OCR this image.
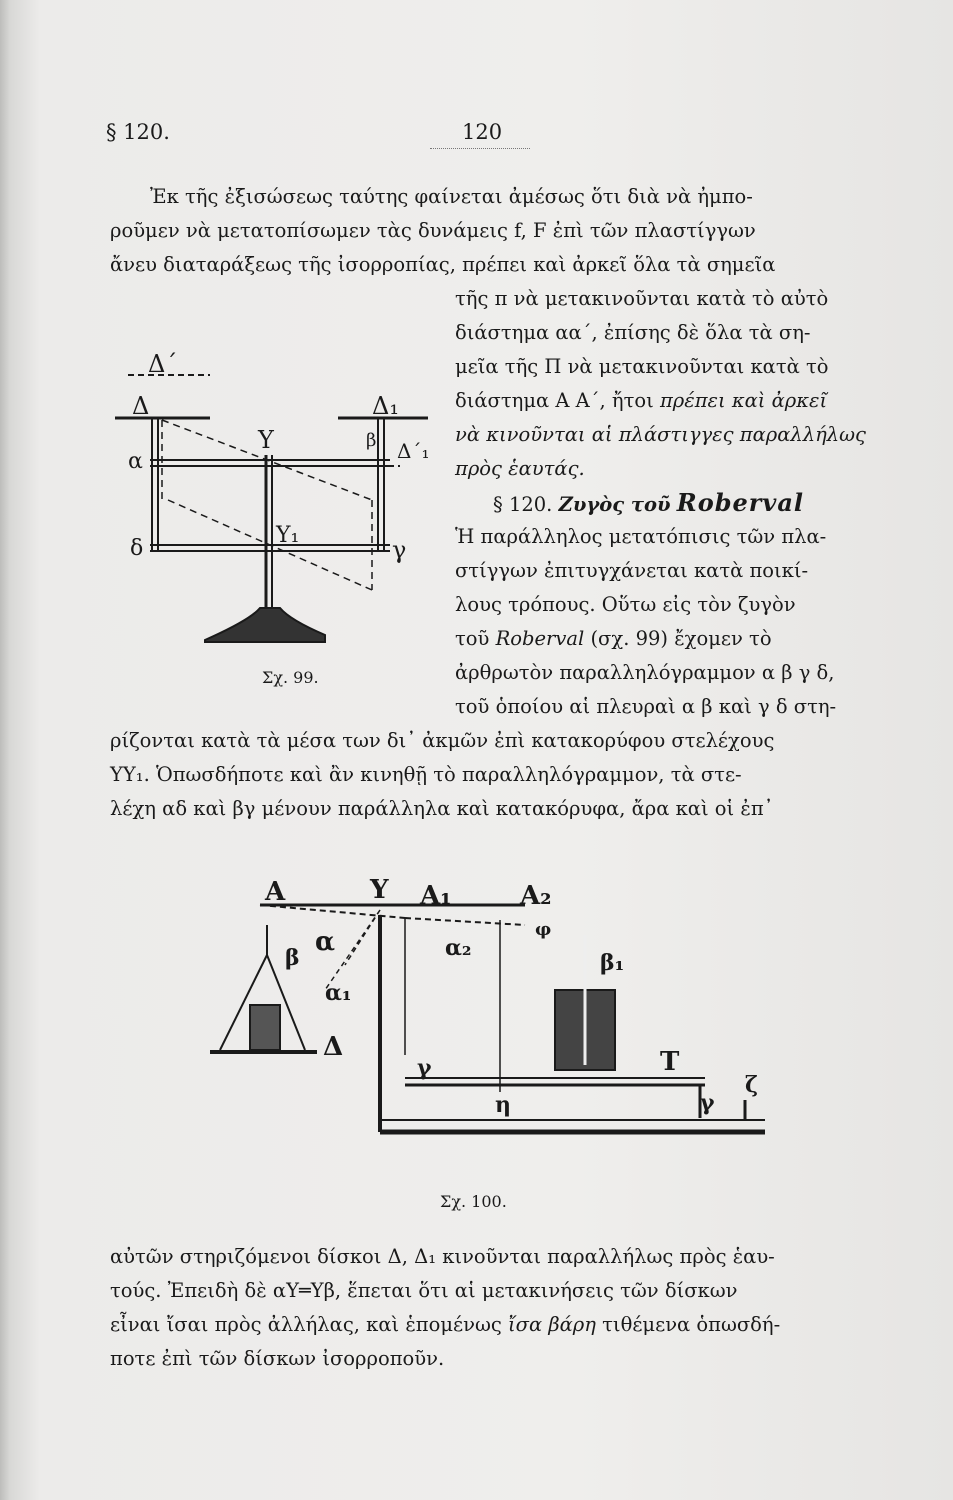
§ 120.	120
Ἐκ τῆς ἐξισώσεως ταύτης φαίνεται ἀμέσως ὅτι διὰ νὰ ἠμπο-
ροῦμεν νὰ μετατοπίσωμεν τὰς δυνάμεις f, F ἐπὶ τῶν πλαστίγγων
ἄνευ διαταράξεως τῆς ἰσορροπίας, πρέπει καὶ ἀρκεῖ ὅλα τὰ σημεῖα
τῆς π νὰ μετακινοῦνται κατὰ τὸ αὐτὸ
διάστημα αα΄, ἐπίσης δὲ ὅλα τὰ ση-
μεῖα τῆς Π νὰ μετακινοῦνται κατὰ τὸ
διάστημα Α Α΄, ἤτοι πρέπει καὶ ἀρκεῖ
νὰ κινοῦνται αἱ πλάστιγγες παραλλήλως
πρὸς ἑαυτάς.
§ 120. Ζυγὸς τοῦ Roberval
Ἡ παράλληλος μετατόπισις τῶν πλα-
στίγγων ἐπιτυγχάνεται κατὰ ποικί-
λους τρόπους. Οὕτω εἰς τὸν ζυγὸν
τοῦ Roberval (σχ. 99) ἔχομεν τὸ
ἀρθρωτὸν παραλληλόγραμμον α β γ δ,
τοῦ ὁποίου αἱ πλευραὶ α β καὶ γ δ στη-
ρίζονται κατὰ τὰ μέσα των δι᾿ ἀκμῶν ἐπὶ κατακορύφου στελέχους
ΥΥ₁. Ὁπωσδήποτε καὶ ἂν κινηθῇ τὸ παραλληλόγραμμον, τὰ στε-
λέχη αδ καὶ βγ μένουν παράλληλα καὶ κατακόρυφα, ἄρα καὶ οἱ ἐπ᾿
Δ΄
Δ	Δ₁
Δ΄₁
Υ
Υ₁
α
β
γ
δ
Σχ. 99.
Α	Υ Α₁	Α₂
φ
β
α
α₁
α₂
β₁
Δ
γ	Τ
η	γ
ζ
Σχ. 100.
αὐτῶν στηριζόμενοι δίσκοι Δ, Δ₁ κινοῦνται παραλλήλως πρὸς ἑαυ-
τούς. Ἐπειδὴ δὲ αΥ═Υβ, ἕπεται ὅτι αἱ μετακινήσεις τῶν δίσκων
εἶναι ἴσαι πρὸς ἀλλήλας, καὶ ἑπομένως ἴσα βάρη τιθέμενα ὁπωσδή-
ποτε ἐπὶ τῶν δίσκων ἰσορροποῦν.
